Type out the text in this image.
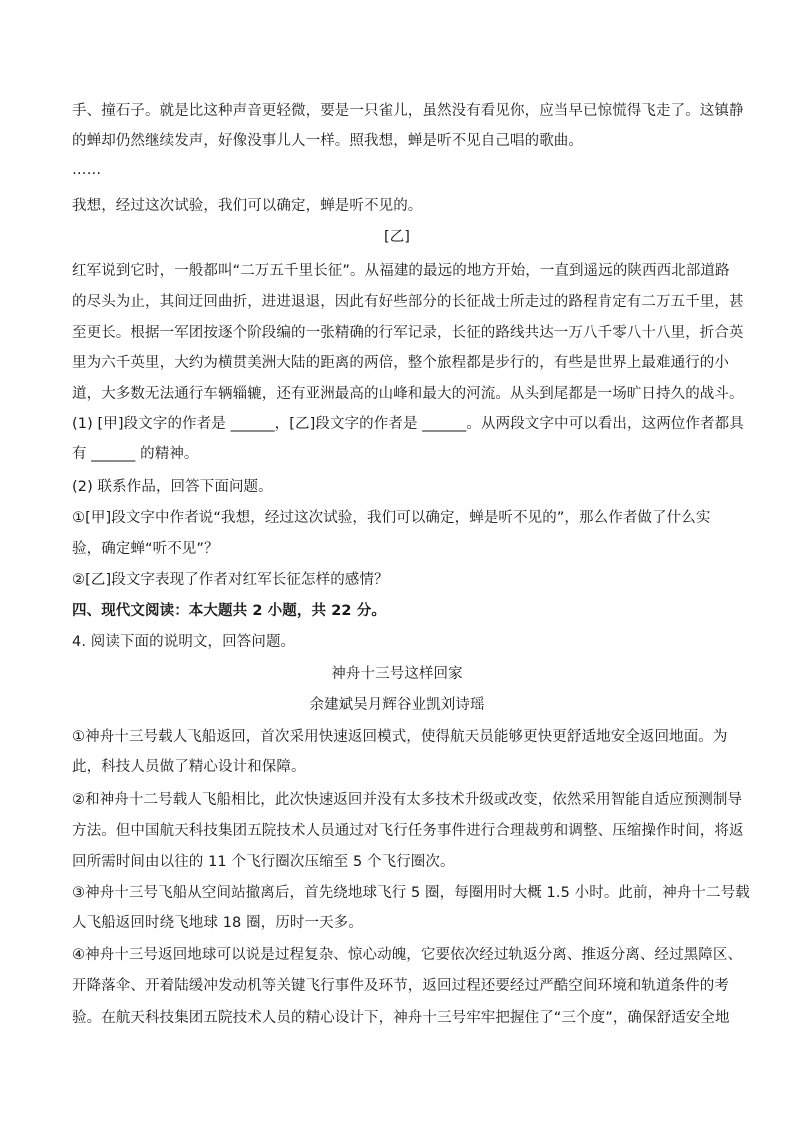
手、撞石子。就是比这种声音更轻微，要是一只雀儿，虽然没有看见你，应当早已惊慌得飞走了。这镇静
的蝉却仍然继续发声，好像没事儿人一样。照我想，蝉是听不见自己唱的歌曲。
……
我想，经过这次试验，我们可以确定，蝉是听不见的。
[乙]
红军说到它时，一般都叫“二万五千里长征”。从福建的最远的地方开始，一直到遥远的陕西西北部道路
的尽头为止，其间迂回曲折，进进退退，因此有好些部分的长征战士所走过的路程肯定有二万五千里，甚
至更长。根据一军团按逐个阶段编的一张精确的行军记录，长征的路线共达一万八千零八十八里，折合英
里为六千英里，大约为横贯美洲大陆的距离的两倍，整个旅程都是步行的，有些是世界上最难通行的小
道，大多数无法通行车辆辎辘，还有亚洲最高的山峰和最大的河流。从头到尾都是一场旷日持久的战斗。
(1) [甲]段文字的作者是 ______，[乙]段文字的作者是 ______。从两段文字中可以看出，这两位作者都具
有 ______ 的精神。
(2) 联系作品，回答下面问题。
①[甲]段文字中作者说“我想，经过这次试验，我们可以确定，蝉是听不见的”，那么作者做了什么实
验，确定蝉“听不见”？
②[乙]段文字表现了作者对红军长征怎样的感情？
四、现代文阅读：本大题共 2 小题，共 22 分。
4. 阅读下面的说明文，回答问题。
神舟十三号这样回家
余建斌吴月辉谷业凯刘诗瑶
①神舟十三号载人飞船返回，首次采用快速返回模式，使得航天员能够更快更舒适地安全返回地面。为
此，科技人员做了精心设计和保障。
②和神舟十二号载人飞船相比，此次快速返回并没有太多技术升级或改变，依然采用智能自适应预测制导
方法。但中国航天科技集团五院技术人员通过对飞行任务事件进行合理裁剪和调整、压缩操作时间，将返
回所需时间由以往的 11 个飞行圈次压缩至 5 个飞行圈次。
③神舟十三号飞船从空间站撤离后，首先绕地球飞行 5 圈，每圈用时大概 1.5 小时。此前，神舟十二号载
人飞船返回时绕飞地球 18 圈，历时一天多。
④神舟十三号返回地球可以说是过程复杂、惊心动魄，它要依次经过轨返分离、推返分离、经过黑障区、
开降落伞、开着陆缓冲发动机等关键飞行事件及环节，返回过程还要经过严酷空间环境和轨道条件的考
验。在航天科技集团五院技术人员的精心设计下，神舟十三号牢牢把握住了“三个度”，确保舒适安全地
